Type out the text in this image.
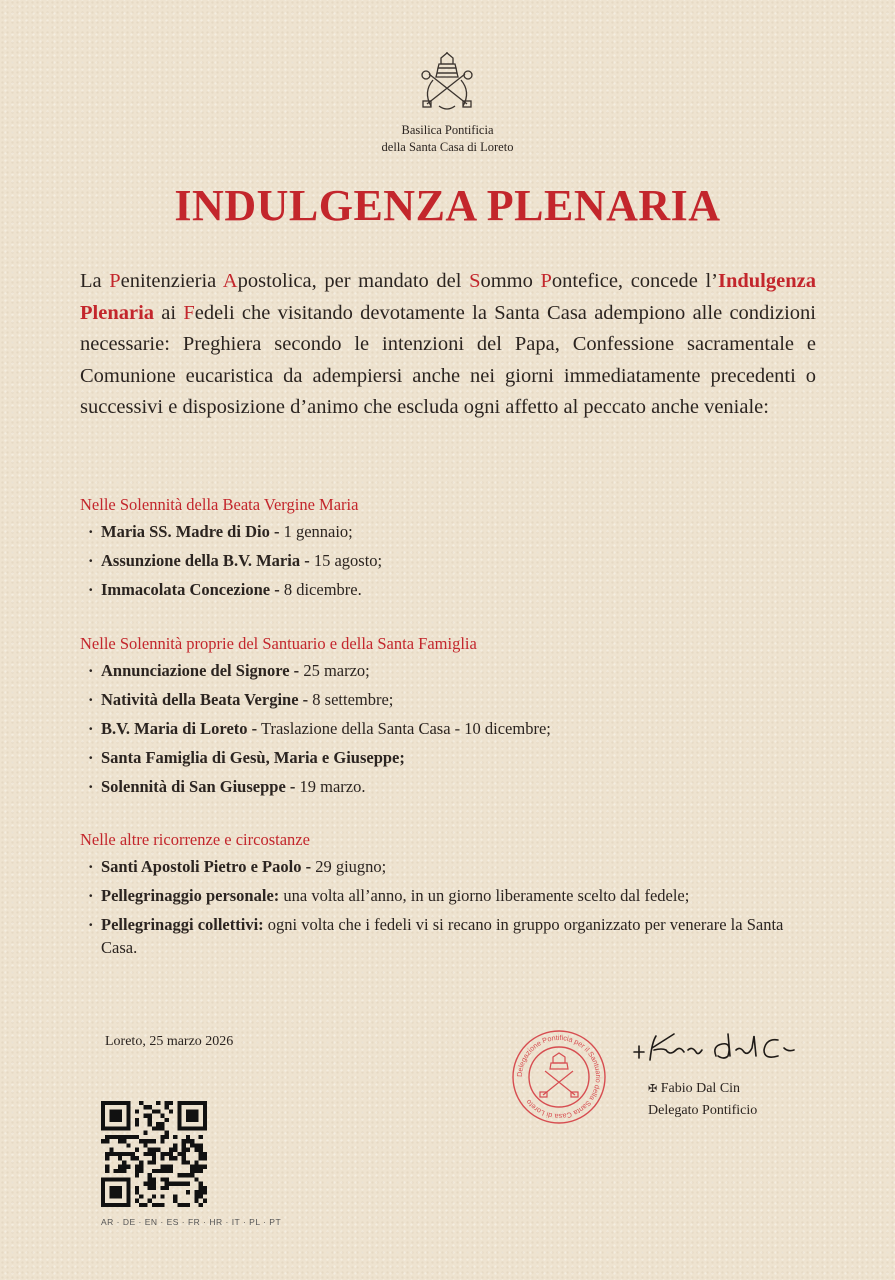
Basilica Pontificia
della Santa Casa di Loreto
INDULGENZA PLENARIA
La Penitenzieria Apostolica, per mandato del Sommo Pontefice, concede l’Indulgenza Plenaria ai Fedeli che visitando devotamente la Santa Casa adempiono alle condizioni necessarie: Preghiera secondo le intenzioni del Papa, Confessione sacramentale e Comunione eucaristica da adempiersi anche nei giorni immediatamente precedenti o successivi e disposizione d’animo che escluda ogni affetto al peccato anche veniale:
Nelle Solennità della Beata Vergine Maria
· Maria SS. Madre di Dio - 1 gennaio;
· Assunzione della B.V. Maria - 15 agosto;
· Immacolata Concezione - 8 dicembre.
Nelle Solennità proprie del Santuario e della Santa Famiglia
· Annunciazione del Signore - 25 marzo;
· Natività della Beata Vergine - 8 settembre;
· B.V. Maria di Loreto - Traslazione della Santa Casa - 10 dicembre;
· Santa Famiglia di Gesù, Maria e Giuseppe;
· Solennità di San Giuseppe - 19 marzo.
Nelle altre ricorrenze e circostanze
· Santi Apostoli Pietro e Paolo - 29 giugno;
· Pellegrinaggio personale: una volta all’anno, in un giorno liberamente scelto dal fedele;
· Pellegrinaggi collettivi: ogni volta che i fedeli vi si recano in gruppo organizzato per venerare la Santa Casa.
Loreto, 25 marzo 2026
Delegazione Pontificia per il Santuario della Santa Casa di Loreto
✠ Fabio Dal Cin
Delegato Pontificio
AR · DE · EN · ES · FR · HR · IT · PL · PT
